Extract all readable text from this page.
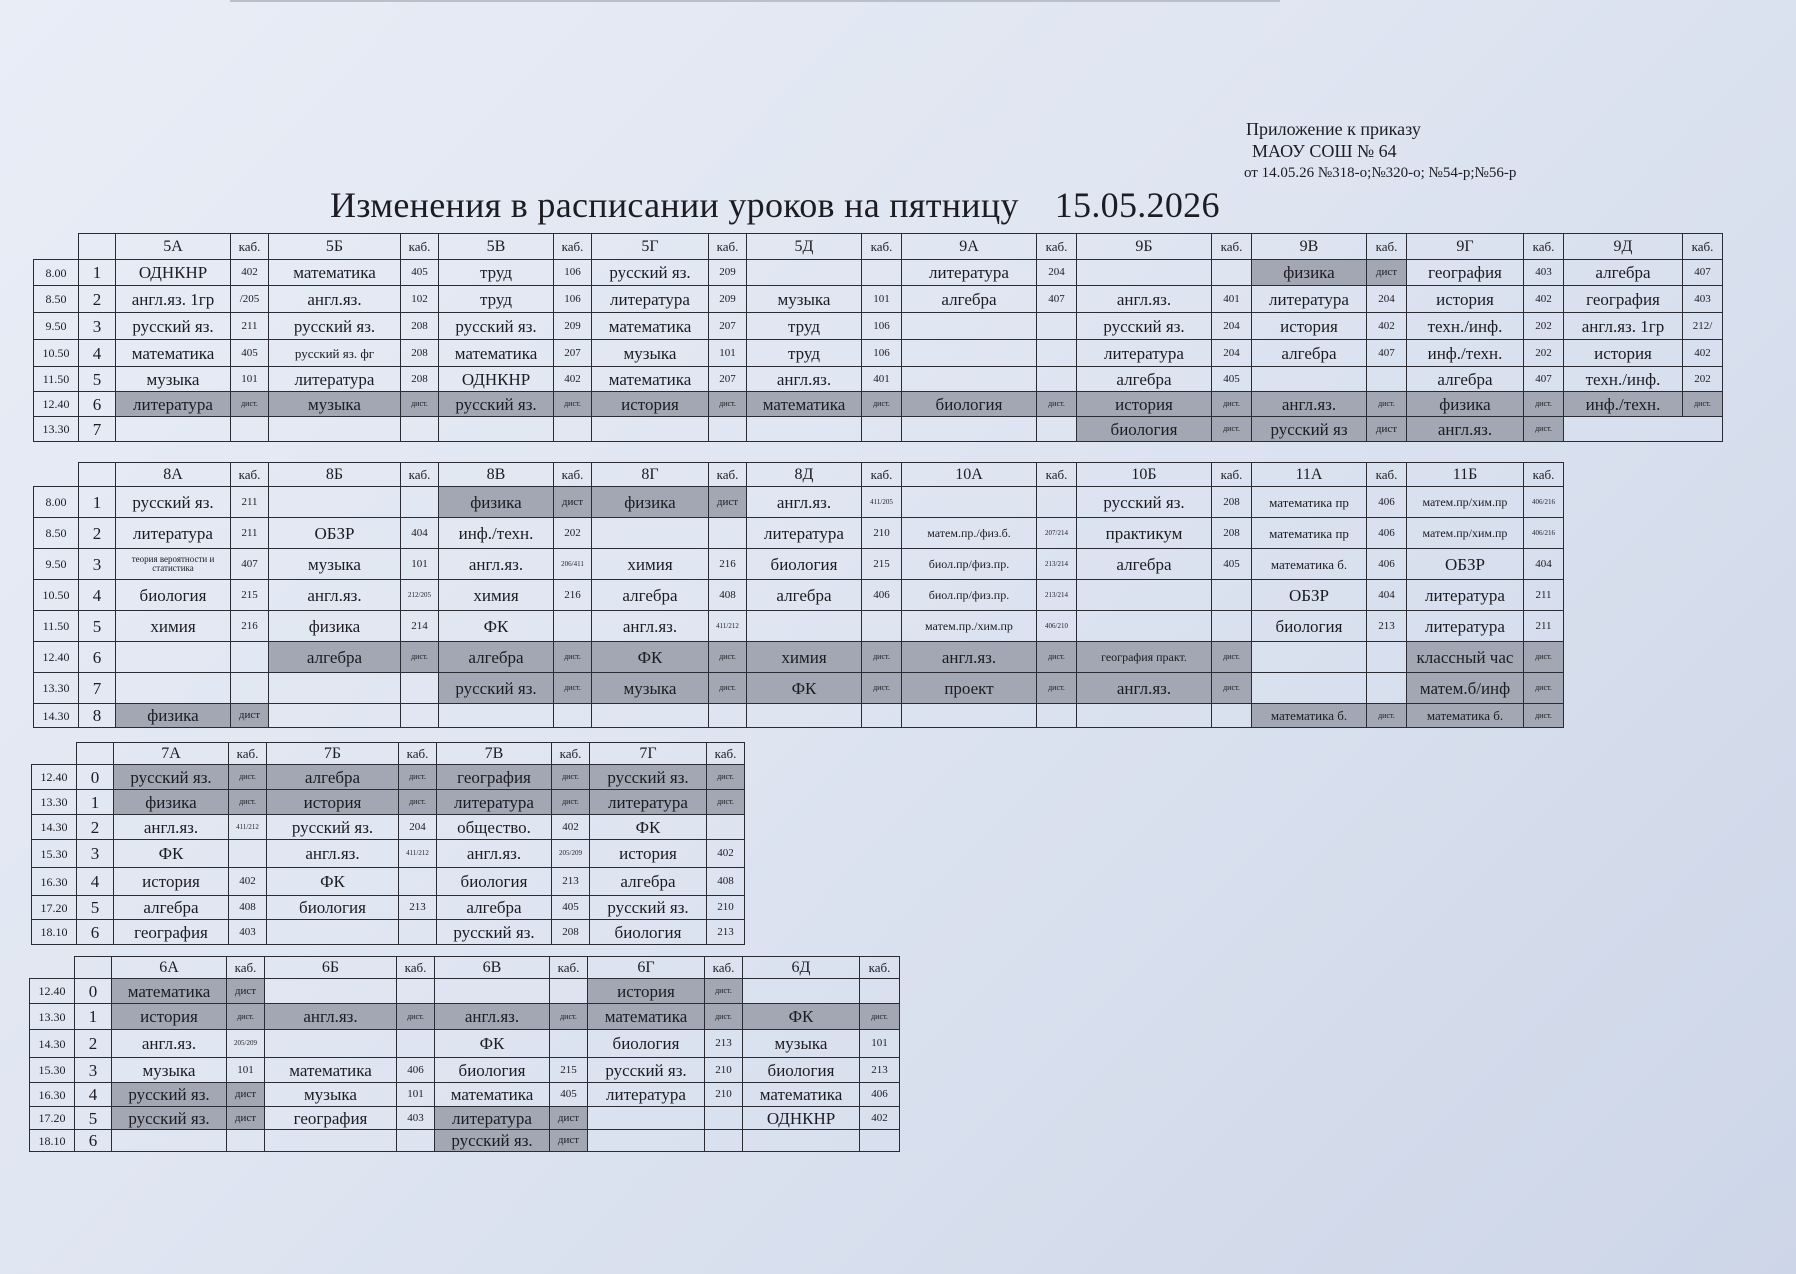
Приложение к приказу
МАОУ СОШ № 64
от 14.05.26 №318-о;№320-о; №54-р;№56-р
Изменения в расписании уроков на пятницу 15.05.2026
		5А	каб.	5Б	каб.	5В	каб.	5Г	каб.	5Д	каб.	9А	каб.	9Б	каб.	9В	каб.	9Г	каб.	9Д	каб.
8.00	1	ОДНКНР	402	математика	405	труд	106	русский яз.	209			литература	204			физика	дист	география	403	алгебра	407
8.50	2	англ.яз. 1гр	/205	англ.яз.	102	труд	106	литература	209	музыка	101	алгебра	407	англ.яз.	401	литература	204	история	402	география	403
9.50	3	русский яз.	211	русский яз.	208	русский яз.	209	математика	207	труд	106			русский яз.	204	история	402	техн./инф.	202	англ.яз. 1гр	212/
10.50	4	математика	405	русский яз. фг	208	математика	207	музыка	101	труд	106			литература	204	алгебра	407	инф./техн.	202	история	402
11.50	5	музыка	101	литература	208	ОДНКНР	402	математика	207	англ.яз.	401			алгебра	405			алгебра	407	техн./инф.	202
12.40	6	литература	дист.	музыка	дист.	русский яз.	дист.	история	дист.	математика	дист.	биология	дист.	история	дист.	англ.яз.	дист.	физика	дист.	инф./техн.	дист.
13.30	7													биология	дист.	русский яз	дист	англ.яз.	дист.		
		8А	каб.	8Б	каб.	8В	каб.	8Г	каб.	8Д	каб.	10А	каб.	10Б	каб.	11А	каб.	11Б	каб.
8.00	1	русский яз.	211			физика	дист	физика	дист	англ.яз.	411/205			русский яз.	208	математика пр	406	матем.пр/хим.пр	406/216
8.50	2	литература	211	ОБЗР	404	инф./техн.	202			литература	210	матем.пр./физ.б.	207/214	практикум	208	математика пр	406	матем.пр/хим.пр	406/216
9.50	3	теория вероятности и статистика	407	музыка	101	англ.яз.	206/411	химия	216	биология	215	биол.пр/физ.пр.	213/214	алгебра	405	математика б.	406	ОБЗР	404
10.50	4	биология	215	англ.яз.	212/205	химия	216	алгебра	408	алгебра	406	биол.пр/физ.пр.	213/214			ОБЗР	404	литература	211
11.50	5	химия	216	физика	214	ФК		англ.яз.	411/212			матем.пр./хим.пр	406/210			биология	213	литература	211
12.40	6			алгебра	дист.	алгебра	дист.	ФК	дист.	химия	дист.	англ.яз.	дист.	география практ.	дист.			классный час	дист.
13.30	7					русский яз.	дист.	музыка	дист.	ФК	дист.	проект	дист.	англ.яз.	дист.			матем.б/инф	дист.
14.30	8	физика	дист													математика б.	дист.	математика б.	дист.
		7А	каб.	7Б	каб.	7В	каб.	7Г	каб.
12.40	0	русский яз.	дист.	алгебра	дист.	география	дист.	русский яз.	дист.
13.30	1	физика	дист.	история	дист.	литература	дист.	литература	дист.
14.30	2	англ.яз.	411/212	русский яз.	204	общество.	402	ФК	
15.30	3	ФК		англ.яз.	411/212	англ.яз.	205/209	история	402
16.30	4	история	402	ФК		биология	213	алгебра	408
17.20	5	алгебра	408	биология	213	алгебра	405	русский яз.	210
18.10	6	география	403			русский яз.	208	биология	213
		6А	каб.	6Б	каб.	6В	каб.	6Г	каб.	6Д	каб.
12.40	0	математика	дист					история	дист.		
13.30	1	история	дист.	англ.яз.	дист.	англ.яз.	дист.	математика	дист.	ФК	дист.
14.30	2	англ.яз.	205/209			ФК		биология	213	музыка	101
15.30	3	музыка	101	математика	406	биология	215	русский яз.	210	биология	213
16.30	4	русский яз.	дист	музыка	101	математика	405	литература	210	математика	406
17.20	5	русский яз.	дист	география	403	литература	дист			ОДНКНР	402
18.10	6					русский яз.	дист				
